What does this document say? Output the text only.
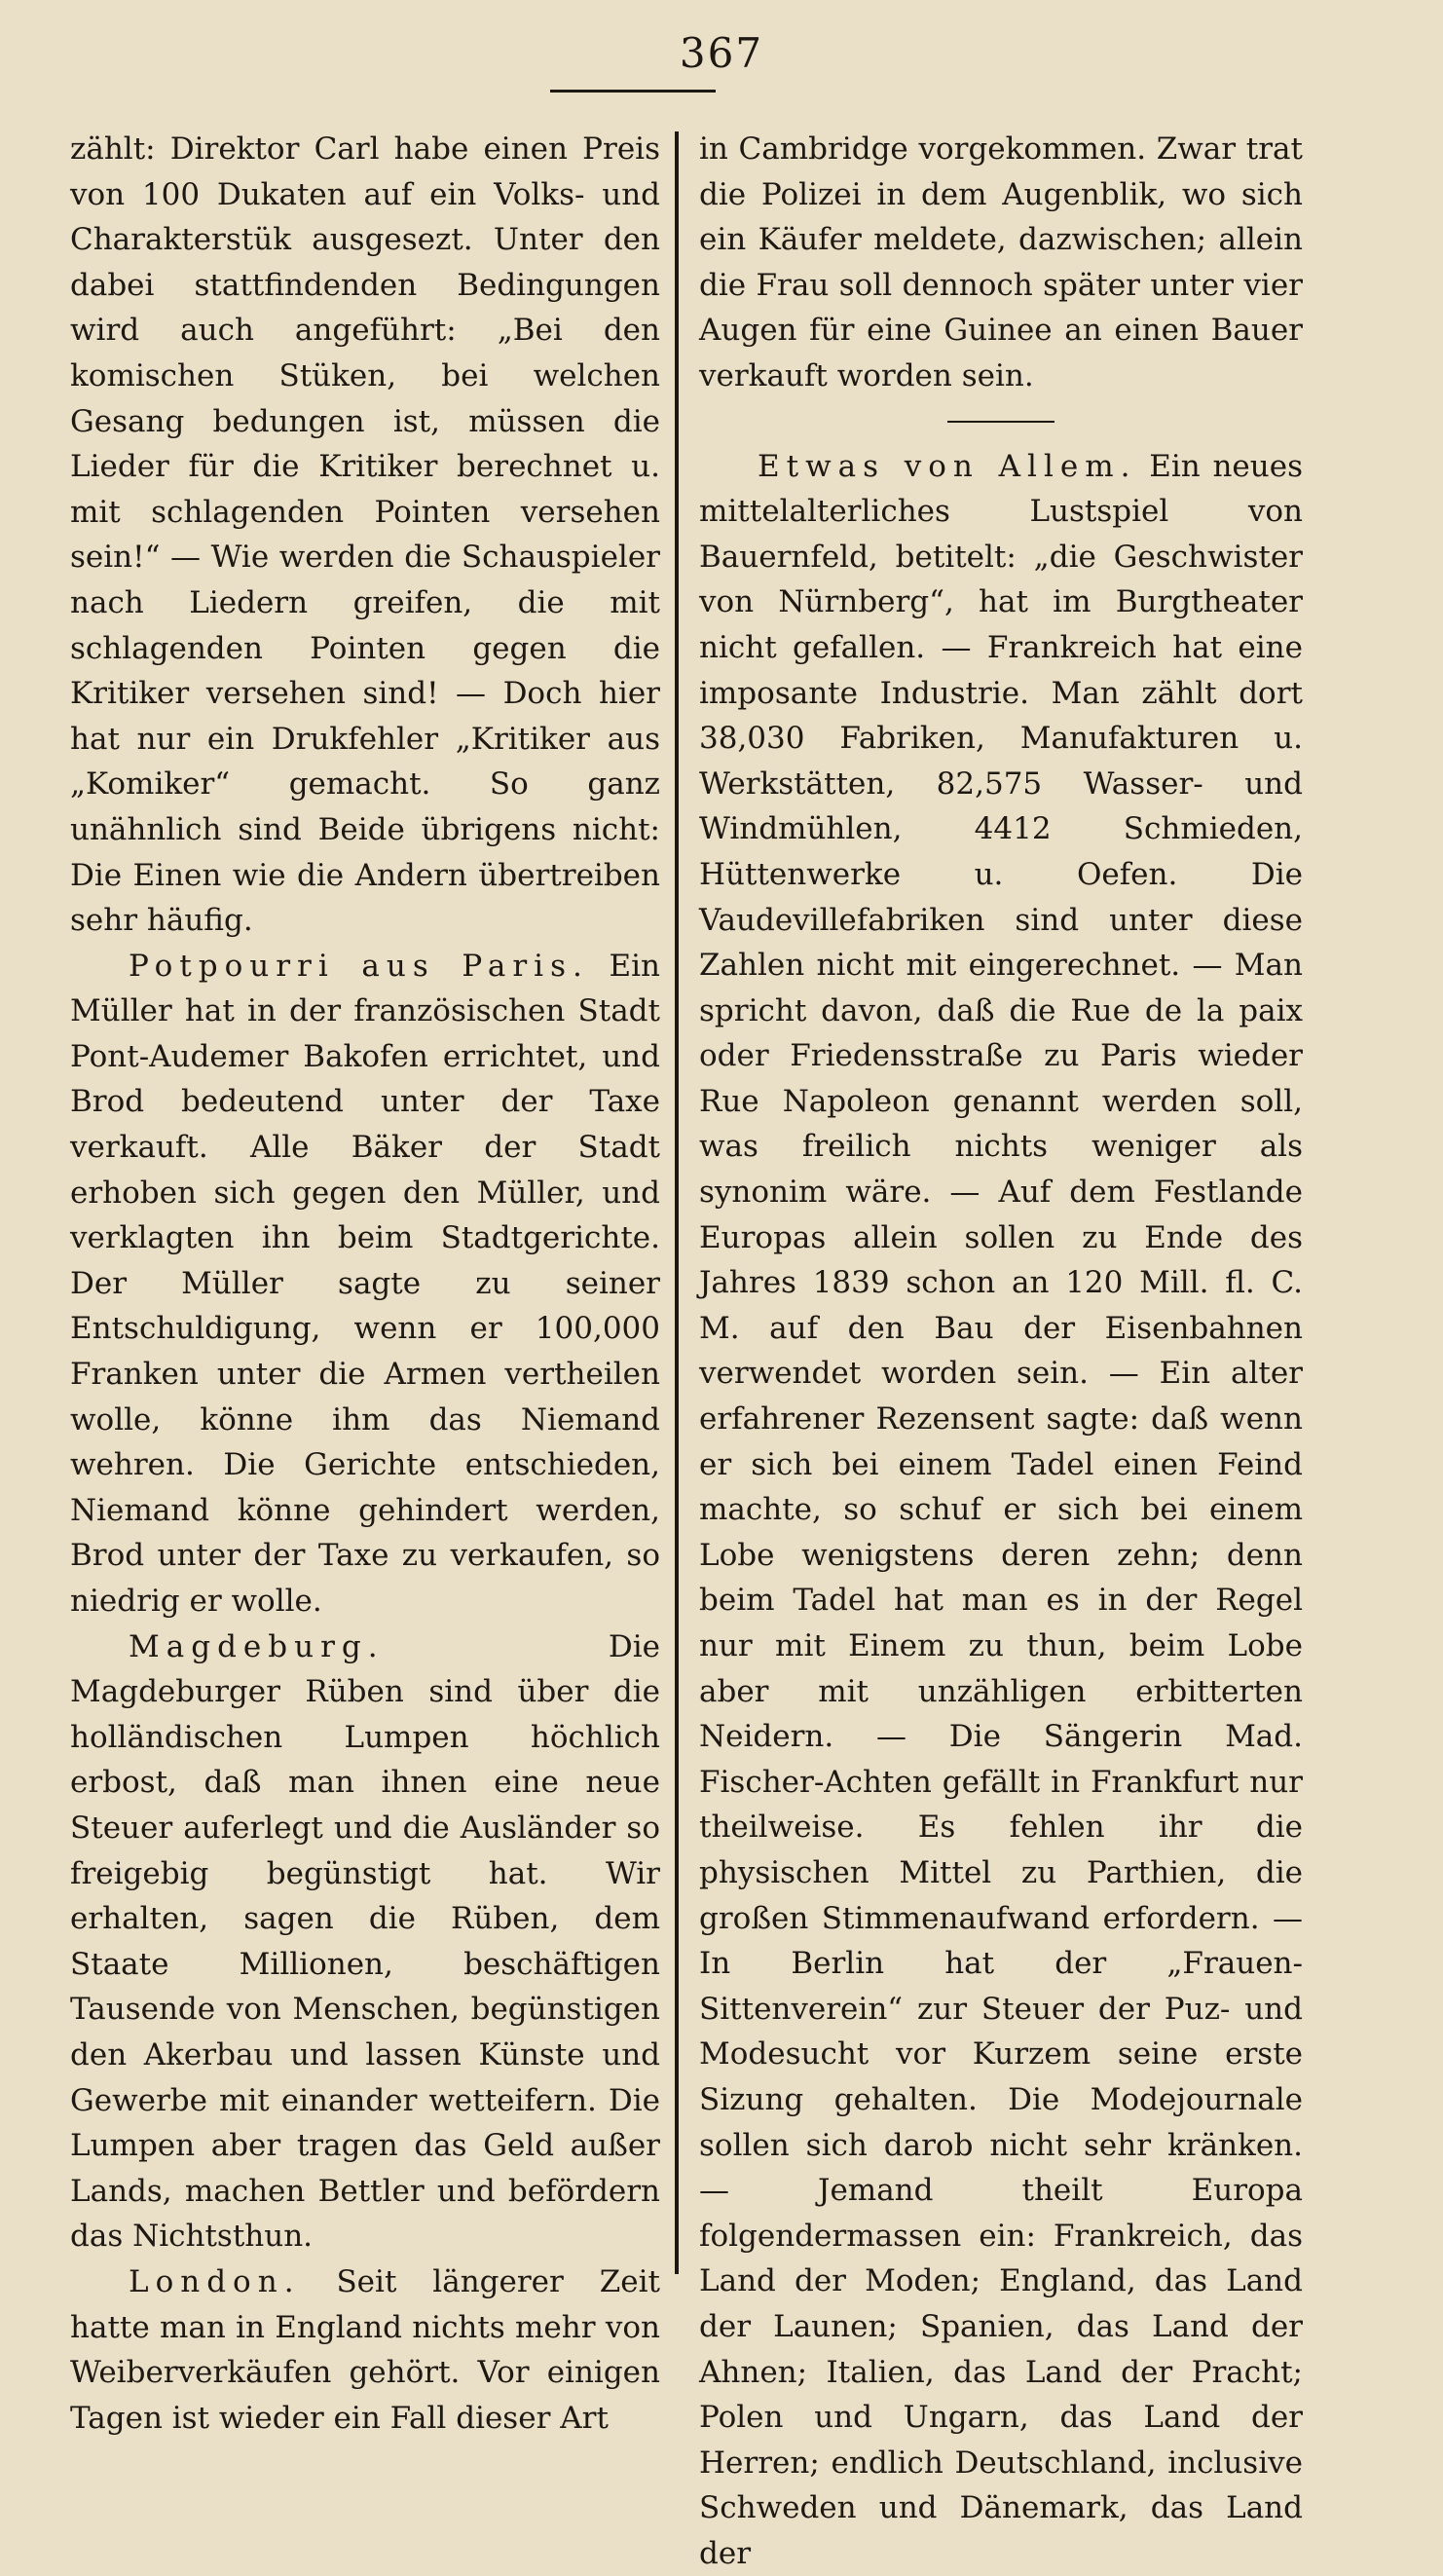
367

zählt: Direktor Carl habe einen Preis von 100 Dukaten auf ein Volks- und Charakterstük ausgesezt. Unter den dabei stattfindenden Bedingungen wird auch angeführt: „Bei den komischen Stüken, bei welchen Gesang bedungen ist, müssen die Lieder für die Kritiker berechnet u. mit schlagenden Pointen versehen sein!“ — Wie werden die Schauspieler nach Liedern greifen, die mit schlagenden Pointen gegen die Kritiker versehen sind! — Doch hier hat nur ein Drukfehler „Kritiker aus „Komiker“ gemacht. So ganz unähnlich sind Beide übrigens nicht: Die Einen wie die Andern übertreiben sehr häufig.

Potpourri aus Paris. Ein Müller hat in der französischen Stadt Pont-Audemer Bakofen errichtet, und Brod bedeutend unter der Taxe verkauft. Alle Bäker der Stadt erhoben sich gegen den Müller, und verklagten ihn beim Stadtgerichte. Der Müller sagte zu seiner Entschuldigung, wenn er 100,000 Franken unter die Armen vertheilen wolle, könne ihm das Niemand wehren. Die Gerichte entschieden, Niemand könne gehindert werden, Brod unter der Taxe zu verkaufen, so niedrig er wolle.

Magdeburg. Die Magdeburger Rüben sind über die holländischen Lumpen höchlich erbost, daß man ihnen eine neue Steuer auferlegt und die Ausländer so freigebig begünstigt hat. Wir erhalten, sagen die Rüben, dem Staate Millionen, beschäftigen Tausende von Menschen, begünstigen den Akerbau und lassen Künste und Gewerbe mit einander wetteifern. Die Lumpen aber tragen das Geld außer Lands, machen Bettler und befördern das Nichtsthun.

London. Seit längerer Zeit hatte man in England nichts mehr von Weiberverkäufen gehört. Vor einigen Tagen ist wieder ein Fall dieser Art

in Cambridge vorgekommen. Zwar trat die Polizei in dem Augenblik, wo sich ein Käufer meldete, dazwischen; allein die Frau soll dennoch später unter vier Augen für eine Guinee an einen Bauer verkauft worden sein.

Etwas von Allem. Ein neues mittelalterliches Lustspiel von Bauernfeld, betitelt: „die Geschwister von Nürnberg“, hat im Burgtheater nicht gefallen. — Frankreich hat eine imposante Industrie. Man zählt dort 38,030 Fabriken, Manufakturen u. Werkstätten, 82,575 Wasser- und Windmühlen, 4412 Schmieden, Hüttenwerke u. Oefen. Die Vaudevillefabriken sind unter diese Zahlen nicht mit eingerechnet. — Man spricht davon, daß die Rue de la paix oder Friedensstraße zu Paris wieder Rue Napoleon genannt werden soll, was freilich nichts weniger als synonim wäre. — Auf dem Festlande Europas allein sollen zu Ende des Jahres 1839 schon an 120 Mill. fl. C. M. auf den Bau der Eisenbahnen verwendet worden sein. — Ein alter erfahrener Rezensent sagte: daß wenn er sich bei einem Tadel einen Feind machte, so schuf er sich bei einem Lobe wenigstens deren zehn; denn beim Tadel hat man es in der Regel nur mit Einem zu thun, beim Lobe aber mit unzähligen erbitterten Neidern. — Die Sängerin Mad. Fischer-Achten gefällt in Frankfurt nur theilweise. Es fehlen ihr die physischen Mittel zu Parthien, die großen Stimmenaufwand erfordern. — In Berlin hat der „Frauen- Sittenverein“ zur Steuer der Puz- und Modesucht vor Kurzem seine erste Sizung gehalten. Die Modejournale sollen sich darob nicht sehr kränken. — Jemand theilt Europa folgendermassen ein: Frankreich, das Land der Moden; England, das Land der Launen; Spanien, das Land der Ahnen; Italien, das Land der Pracht; Polen und Ungarn, das Land der Herren; endlich Deutschland, inclusive Schweden und Dänemark, das Land der
